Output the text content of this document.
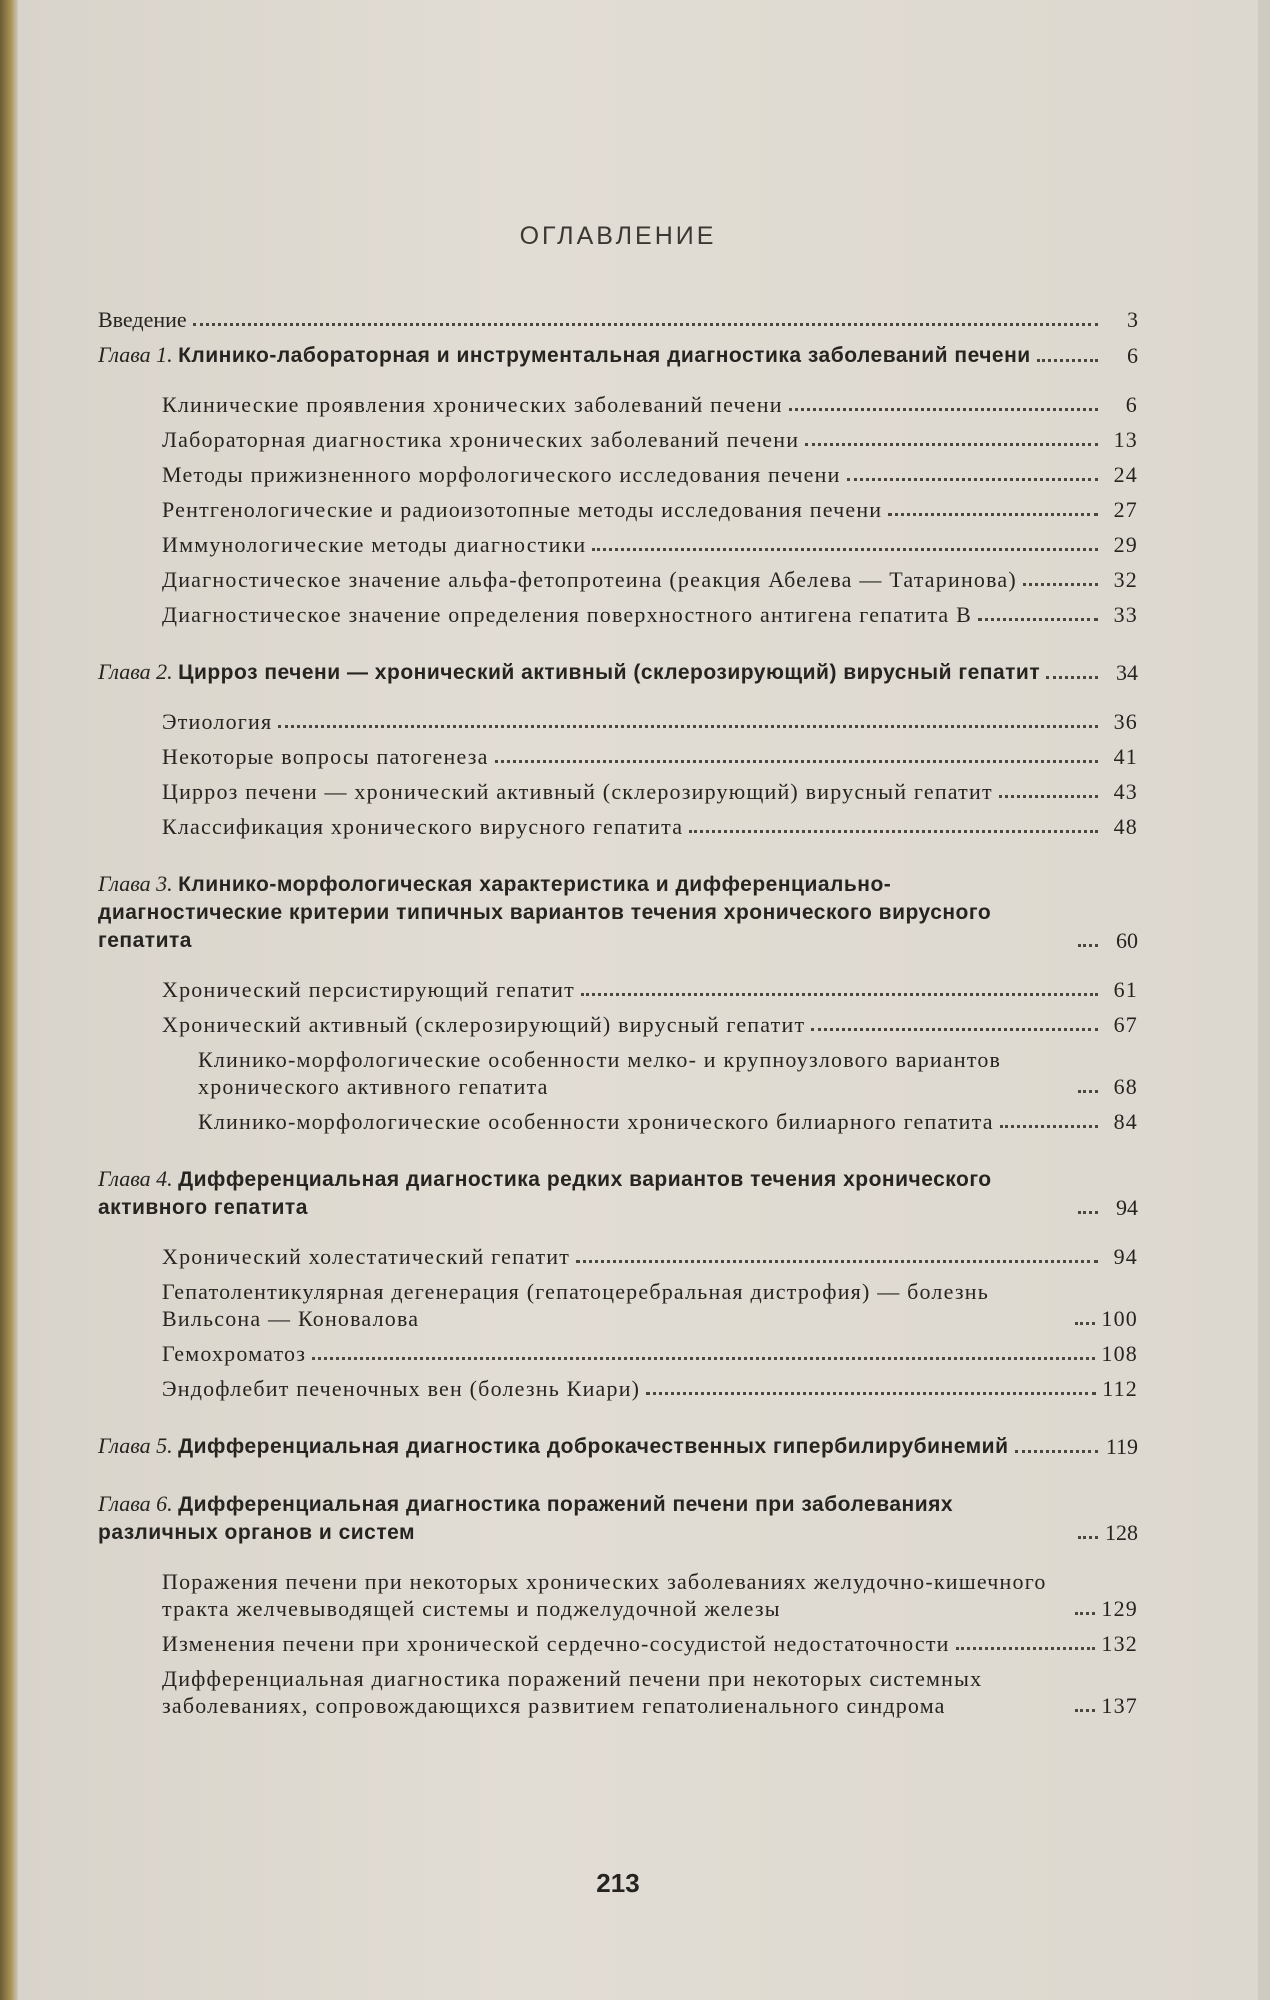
ОГЛАВЛЕНИЕ
Введение	3
Глава 1. Клинико-лабораторная и инструментальная диагностика заболеваний печени	6
Клинические проявления хронических заболеваний печени	6
Лабораторная диагностика хронических заболеваний печени	13
Методы прижизненного морфологического исследования печени	24
Рентгенологические и радиоизотопные методы исследования печени	27
Иммунологические методы диагностики	29
Диагностическое значение альфа-фетопротеина (реакция Абелева — Татаринова)	32
Диагностическое значение определения поверхностного антигена гепатита В	33
Глава 2. Цирроз печени — хронический активный (склерозирующий) вирусный гепатит	34
Этиология	36
Некоторые вопросы патогенеза	41
Цирроз печени — хронический активный (склерозирующий) вирусный гепатит	43
Классификация хронического вирусного гепатита	48
Глава 3. Клинико-морфологическая характеристика и дифференциально-диагностические критерии типичных вариантов течения хронического вирусного гепатита	60
Хронический персистирующий гепатит	61
Хронический активный (склерозирующий) вирусный гепатит	67
Клинико-морфологические особенности мелко- и крупноузлового вариантов хронического активного гепатита	68
Клинико-морфологические особенности хронического билиарного гепатита	84
Глава 4. Дифференциальная диагностика редких вариантов течения хронического активного гепатита	94
Хронический холестатический гепатит	94
Гепатолентикулярная дегенерация (гепатоцеребральная дистрофия) — болезнь Вильсона — Коновалова	100
Гемохроматоз	108
Эндофлебит печеночных вен (болезнь Киари)	112
Глава 5. Дифференциальная диагностика доброкачественных гипербилирубинемий	119
Глава 6. Дифференциальная диагностика поражений печени при заболеваниях различных органов и систем	128
Поражения печени при некоторых хронических заболеваниях желудочно-кишечного тракта желчевыводящей системы и поджелудочной железы	129
Изменения печени при хронической сердечно-сосудистой недостаточности	132
Дифференциальная диагностика поражений печени при некоторых системных заболеваниях, сопровождающихся развитием гепатолиенального синдрома	137
213
